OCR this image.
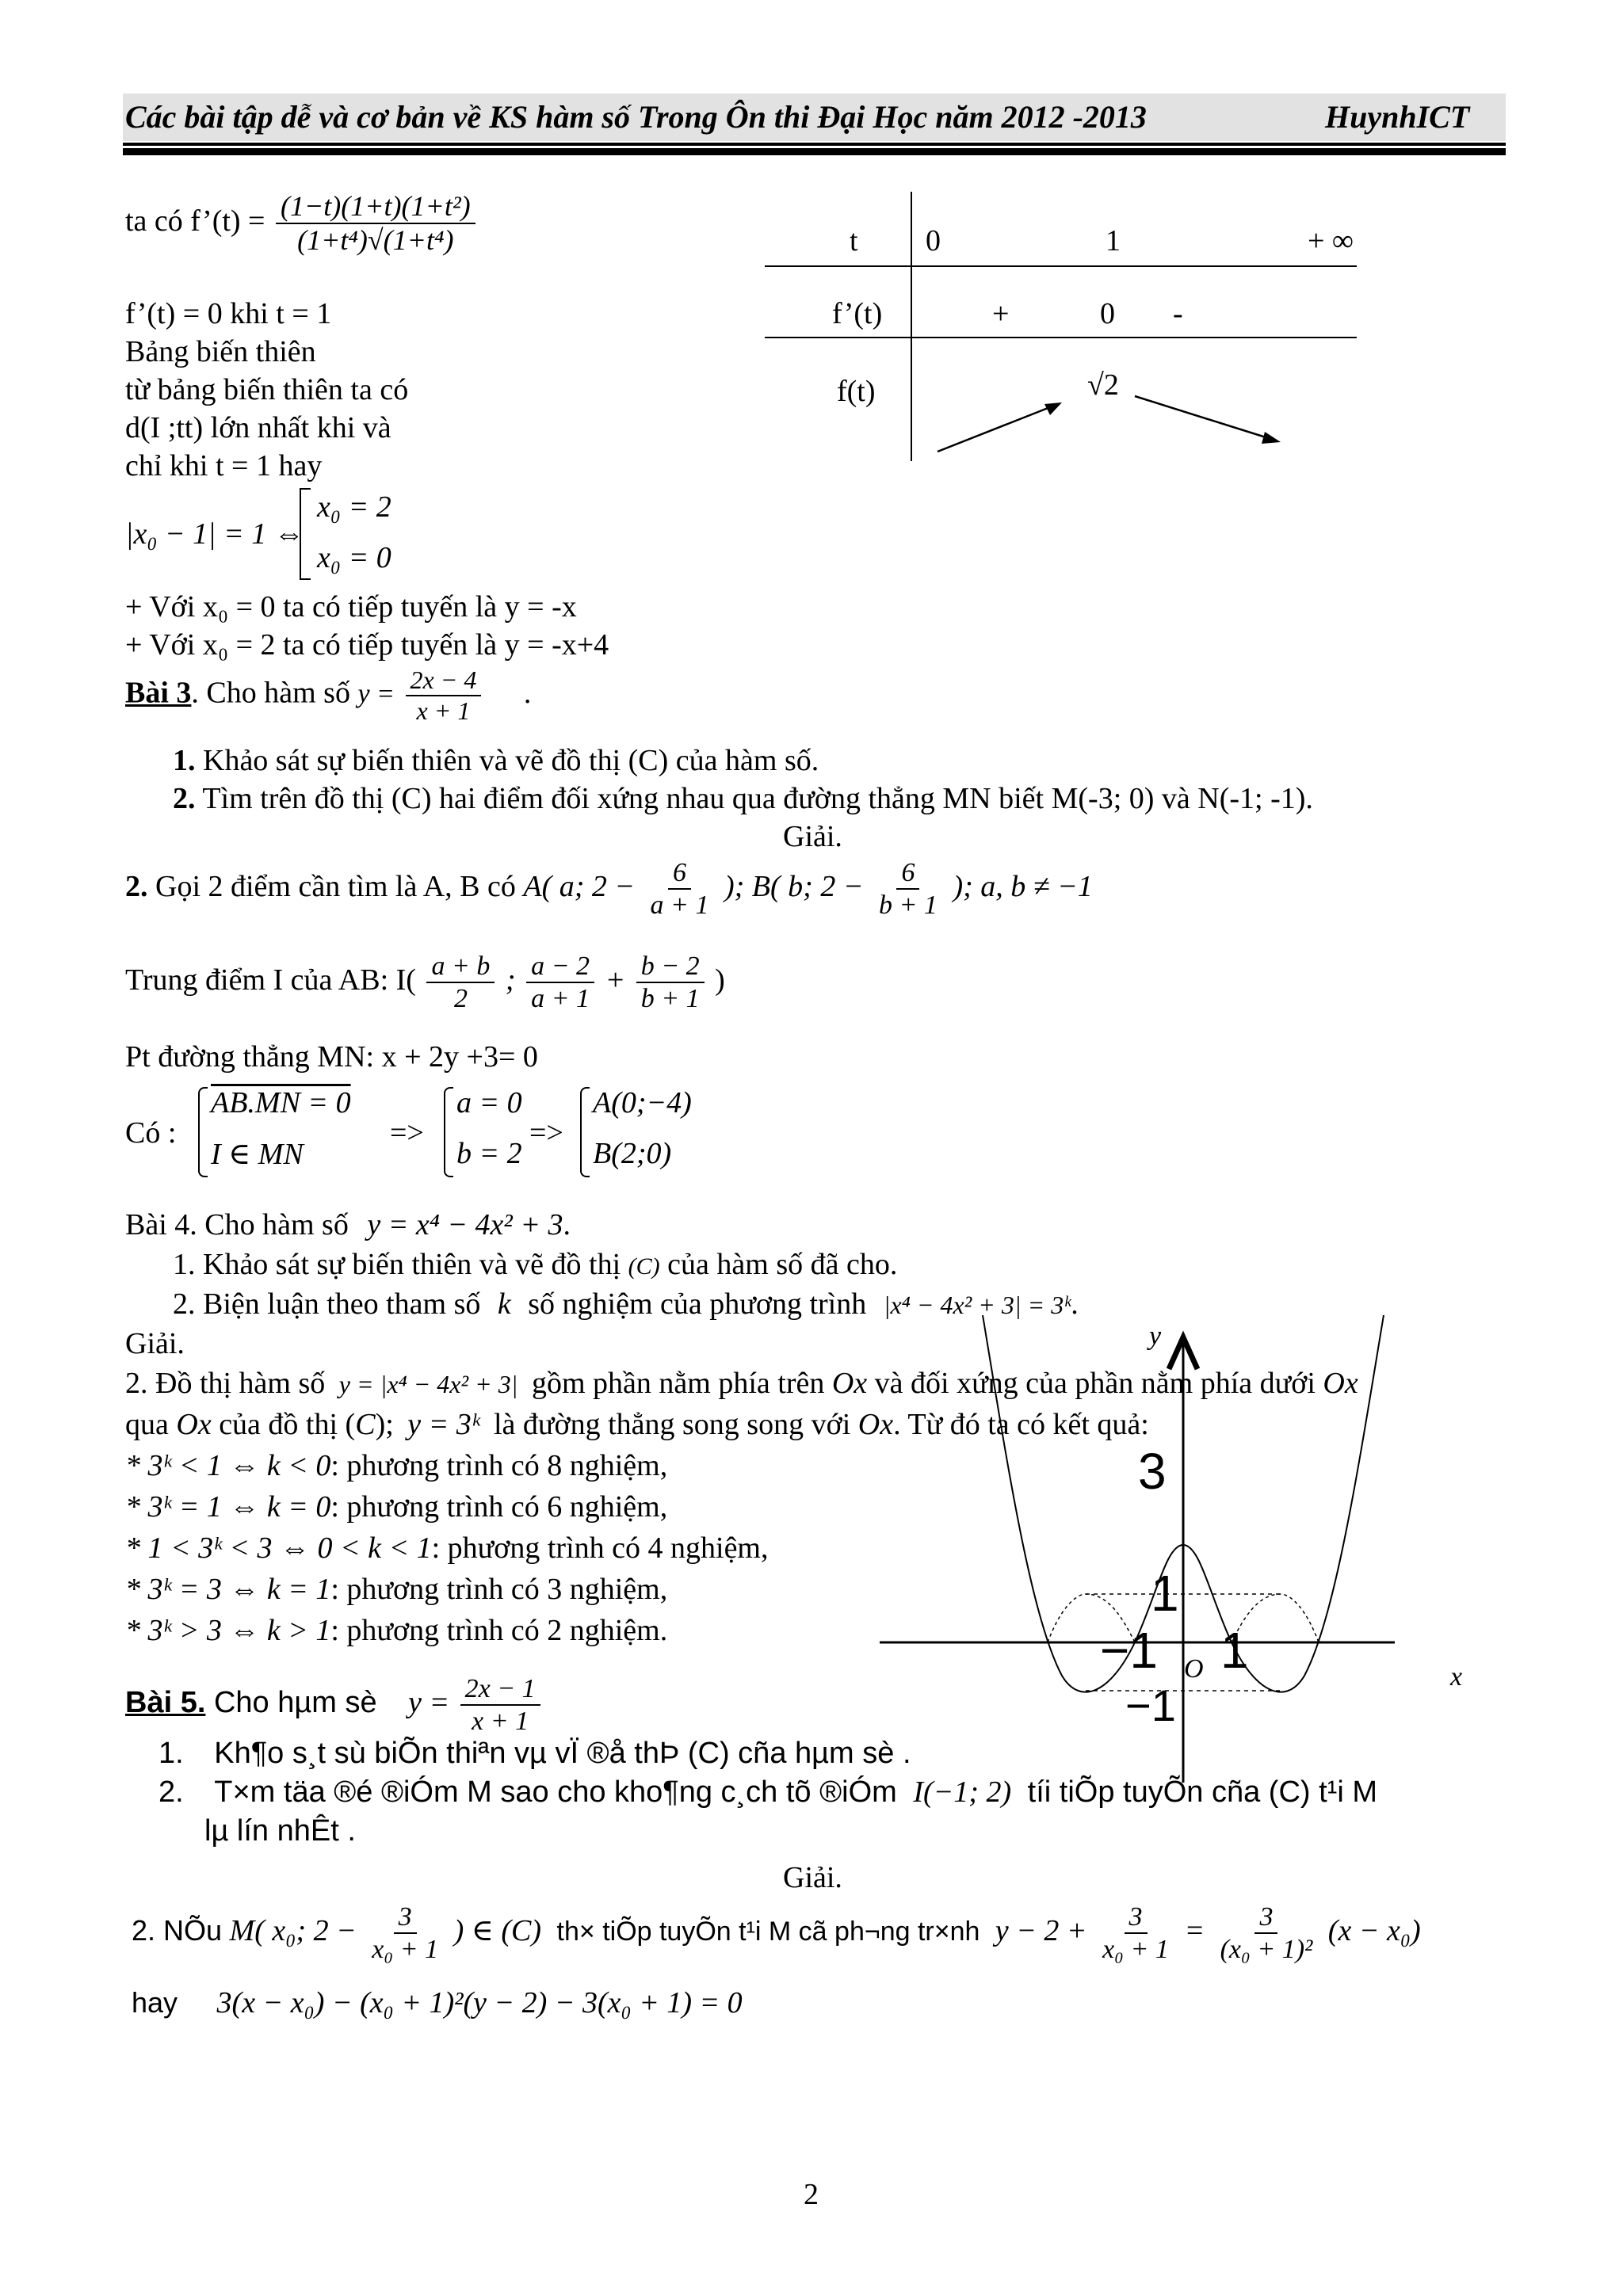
Các bài tập dễ và cơ bản về KS hàm số Trong Ôn thi Đại Học năm 2012 -2013	HuynhICT
ta có f’(t) = $\frac{\text{(1−t)(1+t)(1+t²)}}{\text{(1+t⁴)√(1+t⁴)}}$
f’(t) = 0 khi t = 1
Bảng biến thiên
từ bảng biến thiên ta có
d(I ;tt) lớn nhất khi và
chỉ khi t = 1 hay
|x₀ − 1| = 1 ⇔
x₀ = 2
x₀ = 0
+ Với x₀ = 0 ta có tiếp tuyến là y = -x
+ Với x₀ = 2 ta có tiếp tuyến là y = -x+4
t 0	1	+ ∞
f’(t)	+	0 -
f(t)	√2
Bài 3. Cho hàm số $y = \frac{2x - 4}{x + 1}$ .
1. Khảo sát sự biến thiên và vẽ đồ thị (C) của hàm số.
2. Tìm trên đồ thị (C) hai điểm đối xứng nhau qua đường thẳng MN biết M(-3; 0) và N(-1; -1).
Giải.
2. Gọi 2 điểm cần tìm là A, B có A( a; $2 - \frac{6}{a + 1}$ ); B( b; $2 - \frac{6}{b + 1}$ ); a, b ≠ −1
Trung điểm I của AB: $I( \frac{a + b}{2}$ ; $\frac{a - 2}{a + 1} + \frac{b - 2}{b + 1}$ )
Pt đường thẳng MN: x + 2y +3= 0
Có :
AB.MN = 0
I ∈ MN
=>
a = 0
b = 2
=>
A(0;−4)
B(2;0)
Bài 4. Cho hàm số y = x⁴ − 4x² + 3.
1. Khảo sát sự biến thiên và vẽ đồ thị (C) của hàm số đã cho.
2. Biện luận theo tham số k số nghiệm của phương trình |x⁴ − 4x² + 3| = 3ᵏ.
Giải.
2. Đồ thị hàm số y = |x⁴ − 4x² + 3| gồm phần nằm phía trên Ox và đối xứng của phần nằm phía dưới Ox
qua Ox của đồ thị (C); y = 3ᵏ là đường thẳng song song với Ox. Từ đó ta có kết quả:
* 3ᵏ < 1 ⇔ k < 0: phương trình có 8 nghiệm,
* 3ᵏ = 1 ⇔ k = 0: phương trình có 6 nghiệm,
* 1 < 3ᵏ < 3 ⇔ 0 < k < 1: phương trình có 4 nghiệm,
* 3ᵏ = 3 ⇔ k = 1: phương trình có 3 nghiệm,
* 3ᵏ > 3 ⇔ k > 1: phương trình có 2 nghiệm.
y
x
O
3
1
−1 1
−1
Bài 5. Cho hµm sè $y = \frac{2x - 1}{x + 1}$
1. Kh¶o s¸t sù biÕn thiªn vµ vÏ ®å thÞ (C) cña hµm sè .
2. T×m täa ®é ®iÓm M sao cho kho¶ng c¸ch tõ ®iÓm I(−1; 2) tíi tiÕp tuyÕn cña (C) t¹i M
lµ lín nhÊt .
Giải.
2. NÕu M( x₀; $2 - \frac{3}{\text{x₀ + 1}}$ ) ∈ (C) th× tiÕp tuyÕn t¹i M cã ph¬ng tr×nh $y - 2 + \frac{3}{\text{x₀ + 1}} = \frac{3}{\text{(x₀ + 1)²}} (x - x_0)$
hay 3(x − x₀) − (x₀ + 1)²(y − 2) − 3(x₀ + 1) = 0
2
